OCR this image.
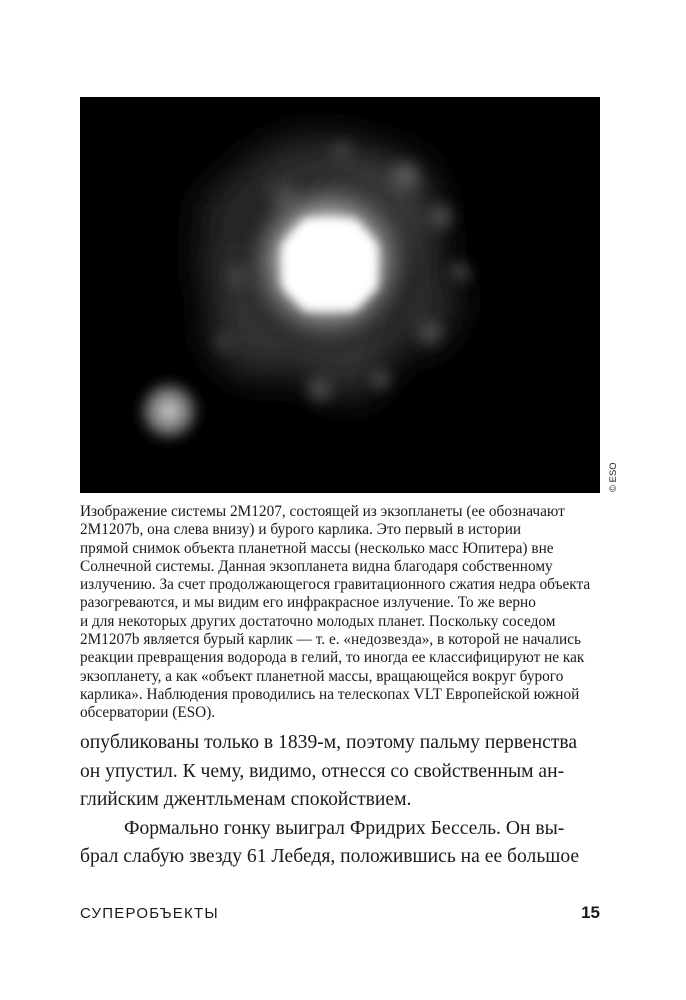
© ESO
Изображение системы 2M1207, состоящей из экзопланеты (ее обозначают
2M1207b, она слева внизу) и бурого карлика. Это первый в истории
прямой снимок объекта планетной массы (несколько масс Юпитера) вне
Солнечной системы. Данная экзопланета видна благодаря собственному
излучению. За счет продолжающегося гравитационного сжатия недра объекта
разогреваются, и мы видим его инфракрасное излучение. То же верно
и для некоторых других достаточно молодых планет. Поскольку соседом
2M1207b является бурый карлик — т. е. «недозвезда», в которой не начались
реакции превращения водорода в гелий, то иногда ее классифицируют не как
экзопланету, а как «объект планетной массы, вращающейся вокруг бурого
карлика». Наблюдения проводились на телескопах VLT Европейской южной
обсерватории (ESO).
опубликованы только в 1839-м, поэтому пальму первенства
он упустил. К чему, видимо, отнесся со свойственным ан-
глийским джентльменам спокойствием.
Формально гонку выиграл Фридрих Бессель. Он вы-
брал слабую звезду 61 Лебедя, положившись на ее большое
СУПЕРОБЪЕКТЫ	15
